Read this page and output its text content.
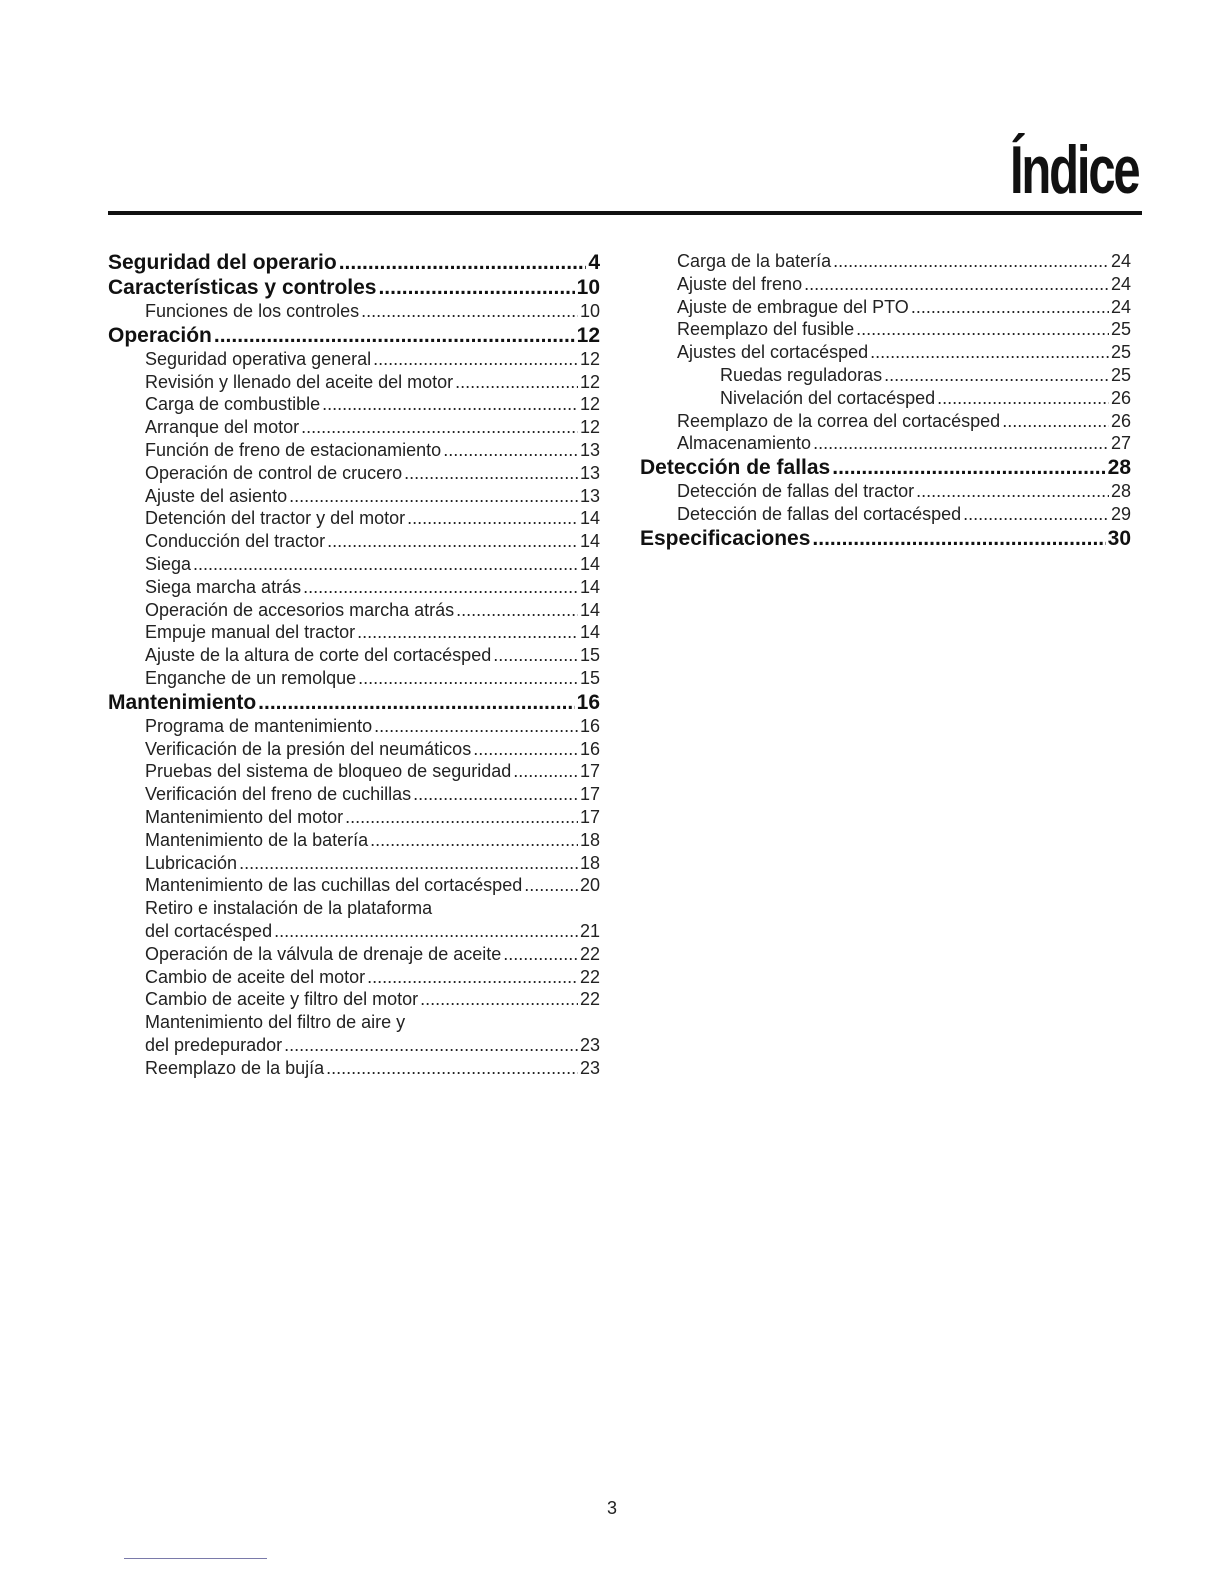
Índice
Seguridad del operario .....	4
Características y controles .....	10
Funciones de los controles .....	10
Operación .....	12
Seguridad operativa general .....	12
Revisión y llenado del aceite del motor .....	12
Carga de combustible .....	12
Arranque del motor .....	12
Función de freno de estacionamiento .....	13
Operación de control de crucero .....	13
Ajuste del asiento .....	13
Detención del tractor y del motor .....	14
Conducción del tractor .....	14
Siega .....	14
Siega marcha atrás .....	14
Operación de accesorios marcha atrás .....	14
Empuje manual del tractor .....	14
Ajuste de la altura de corte del cortacésped .....	15
Enganche de un remolque .....	15
Mantenimiento .....	16
Programa de mantenimiento .....	16
Verificación de la presión del neumáticos .....	16
Pruebas del sistema de bloqueo de seguridad .....	17
Verificación del freno de cuchillas .....	17
Mantenimiento del motor .....	17
Mantenimiento de la batería .....	18
Lubricación .....	18
Mantenimiento de las cuchillas del cortacésped .....	20
Retiro e instalación de la plataforma
del cortacésped .....	21
Operación de la válvula de drenaje de aceite .....	22
Cambio de aceite del motor .....	22
Cambio de aceite y filtro del motor .....	22
Mantenimiento del filtro de aire y
del predepurador .....	23
Reemplazo de la bujía .....	23
Carga de la batería .....	24
Ajuste del freno .....	24
Ajuste de embrague del PTO .....	24
Reemplazo del fusible .....	25
Ajustes del cortacésped .....	25
Ruedas reguladoras .....	25
Nivelación del cortacésped .....	26
Reemplazo de la correa del cortacésped .....	26
Almacenamiento .....	27
Detección de fallas .....	28
Detección de fallas del tractor .....	28
Detección de fallas del cortacésped .....	29
Especificaciones .....	30
3
